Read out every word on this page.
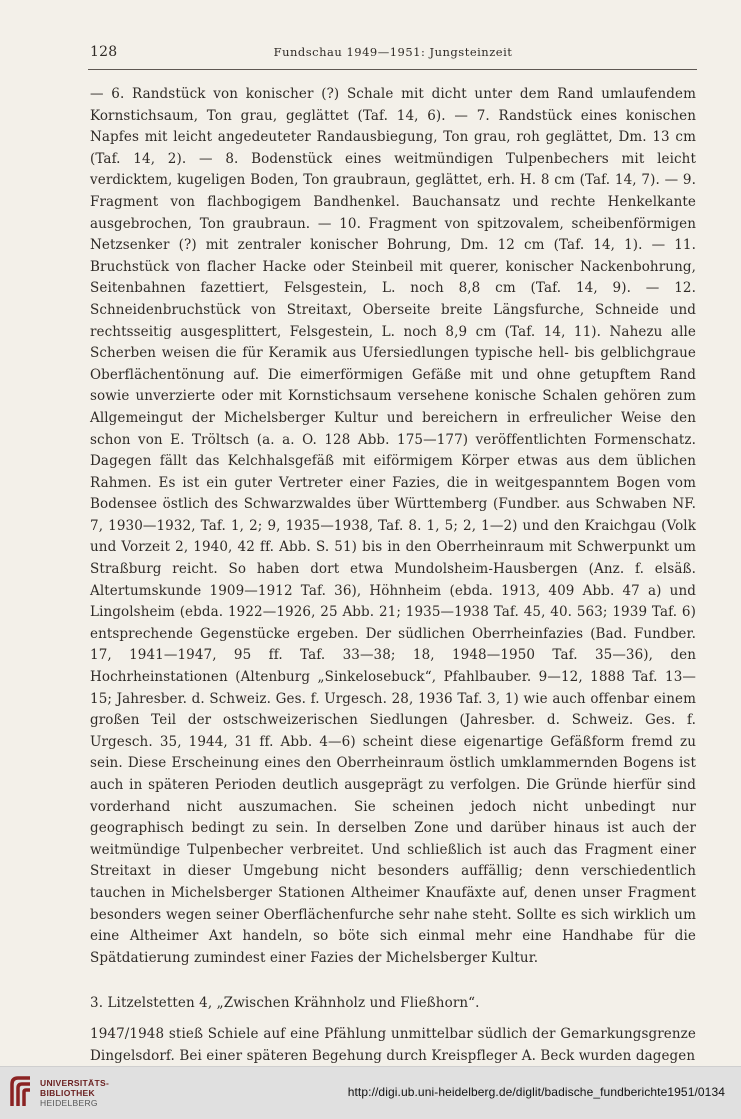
128	Fundschau 1949—1951: Jungsteinzeit

— 6. Randstück von konischer (?) Schale mit dicht unter dem Rand umlaufendem Kornstichsaum, Ton grau, geglättet (Taf. 14, 6). — 7. Randstück eines konischen Napfes mit leicht angedeuteter Randausbiegung, Ton grau, roh geglättet, Dm. 13 cm (Taf. 14, 2). — 8. Bodenstück eines weitmündigen Tulpenbechers mit leicht verdicktem, kugeligen Boden, Ton graubraun, geglättet, erh. H. 8 cm (Taf. 14, 7). — 9. Fragment von flachbogigem Bandhenkel. Bauchansatz und rechte Henkelkante ausgebrochen, Ton graubraun. — 10. Fragment von spitzovalem, scheibenförmigen Netzsenker (?) mit zentraler konischer Bohrung, Dm. 12 cm (Taf. 14, 1). — 11. Bruchstück von flacher Hacke oder Steinbeil mit querer, konischer Nackenbohrung, Seitenbahnen fazettiert, Felsgestein, L. noch 8,8 cm (Taf. 14, 9). — 12. Schneidenbruchstück von Streitaxt, Oberseite breite Längsfurche, Schneide und rechtsseitig ausgesplittert, Felsgestein, L. noch 8,9 cm (Taf. 14, 11). Nahezu alle Scherben weisen die für Keramik aus Ufersiedlungen typische hell- bis gelblichgraue Oberflächentönung auf. Die eimerförmigen Gefäße mit und ohne getupftem Rand sowie unverzierte oder mit Kornstichsaum versehene konische Schalen gehören zum Allgemeingut der Michelsberger Kultur und bereichern in erfreulicher Weise den schon von E. Tröltsch (a. a. O. 128 Abb. 175—177) veröffentlichten Formenschatz. Dagegen fällt das Kelchhalsgefäß mit eiförmigem Körper etwas aus dem üblichen Rahmen. Es ist ein guter Vertreter einer Fazies, die in weitgespanntem Bogen vom Bodensee östlich des Schwarzwaldes über Württemberg (Fundber. aus Schwaben NF. 7, 1930—1932, Taf. 1, 2; 9, 1935—1938, Taf. 8. 1, 5; 2, 1—2) und den Kraichgau (Volk und Vorzeit 2, 1940, 42 ff. Abb. S. 51) bis in den Oberrheinraum mit Schwerpunkt um Straßburg reicht. So haben dort etwa Mundolsheim-Hausbergen (Anz. f. elsäß. Altertumskunde 1909—1912 Taf. 36), Höhnheim (ebda. 1913, 409 Abb. 47 a) und Lingolsheim (ebda. 1922—1926, 25 Abb. 21; 1935—1938 Taf. 45, 40. 563; 1939 Taf. 6) entsprechende Gegenstücke ergeben. Der südlichen Oberrheinfazies (Bad. Fundber. 17, 1941—1947, 95 ff. Taf. 33—38; 18, 1948—1950 Taf. 35—36), den Hochrheinstationen (Altenburg „Sinkelosebuck“, Pfahlbauber. 9—12, 1888 Taf. 13—15; Jahresber. d. Schweiz. Ges. f. Urgesch. 28, 1936 Taf. 3, 1) wie auch offenbar einem großen Teil der ostschweizerischen Siedlungen (Jahresber. d. Schweiz. Ges. f. Urgesch. 35, 1944, 31 ff. Abb. 4—6) scheint diese eigenartige Gefäßform fremd zu sein. Diese Erscheinung eines den Oberrheinraum östlich umklammernden Bogens ist auch in späteren Perioden deutlich ausgeprägt zu verfolgen. Die Gründe hierfür sind vorderhand nicht auszumachen. Sie scheinen jedoch nicht unbedingt nur geographisch bedingt zu sein. In derselben Zone und darüber hinaus ist auch der weitmündige Tulpenbecher verbreitet. Und schließlich ist auch das Fragment einer Streitaxt in dieser Umgebung nicht besonders auffällig; denn verschiedentlich tauchen in Michelsberger Stationen Altheimer Knaufäxte auf, denen unser Fragment besonders wegen seiner Oberflächenfurche sehr nahe steht. Sollte es sich wirklich um eine Altheimer Axt handeln, so böte sich einmal mehr eine Handhabe für die Spätdatierung zumindest einer Fazies der Michelsberger Kultur.

3. Litzelstetten 4, „Zwischen Krähnholz und Fließhorn“.

1947/1948 stieß Schiele auf eine Pfählung unmittelbar südlich der Gemarkungsgrenze Dingelsdorf. Bei einer späteren Begehung durch Kreispfleger A. Beck wurden dagegen

UNIVERSITÄTS-
BIBLIOTHEK
HEIDELBERG
http://digi.ub.uni-heidelberg.de/diglit/badische_fundberichte1951/0134
